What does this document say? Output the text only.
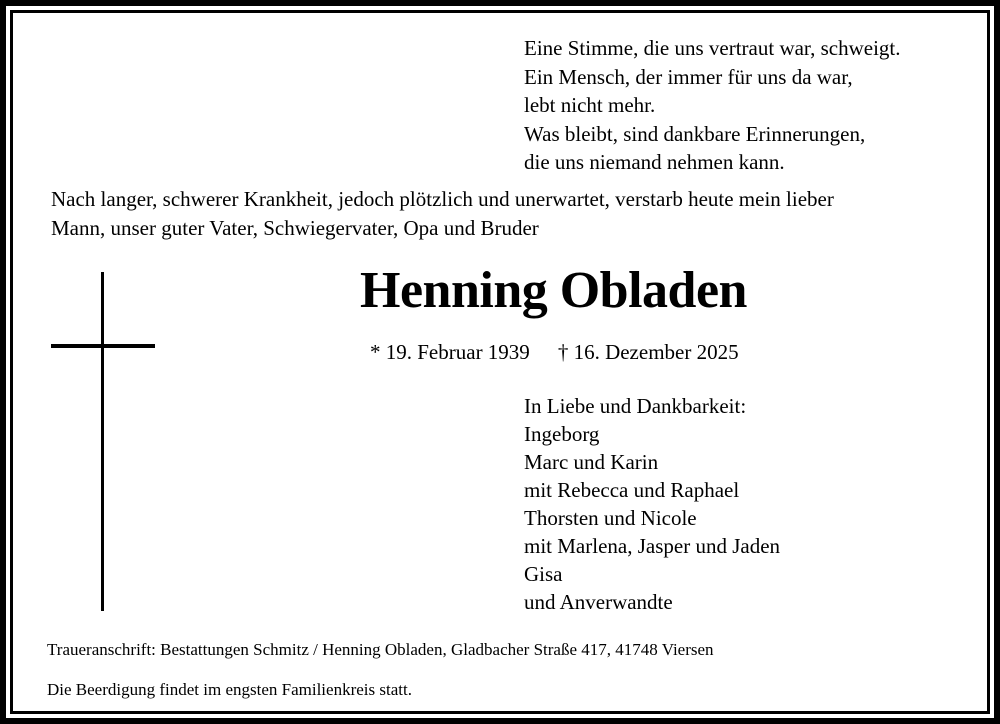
Eine Stimme, die uns vertraut war, schweigt.
Ein Mensch, der immer für uns da war,
lebt nicht mehr.
Was bleibt, sind dankbare Erinnerungen,
die uns niemand nehmen kann.
Nach langer, schwerer Krankheit, jedoch plötzlich und unerwartet, verstarb heute mein lieber
Mann, unser guter Vater, Schwiegervater, Opa und Bruder
Henning Obladen
* 19. Februar 1939 † 16. Dezember 2025
In Liebe und Dankbarkeit:
Ingeborg
Marc und Karin
mit Rebecca und Raphael
Thorsten und Nicole
mit Marlena, Jasper und Jaden
Gisa
und Anverwandte
Traueranschrift: Bestattungen Schmitz / Henning Obladen, Gladbacher Straße 417, 41748 Viersen
Die Beerdigung findet im engsten Familienkreis statt.
